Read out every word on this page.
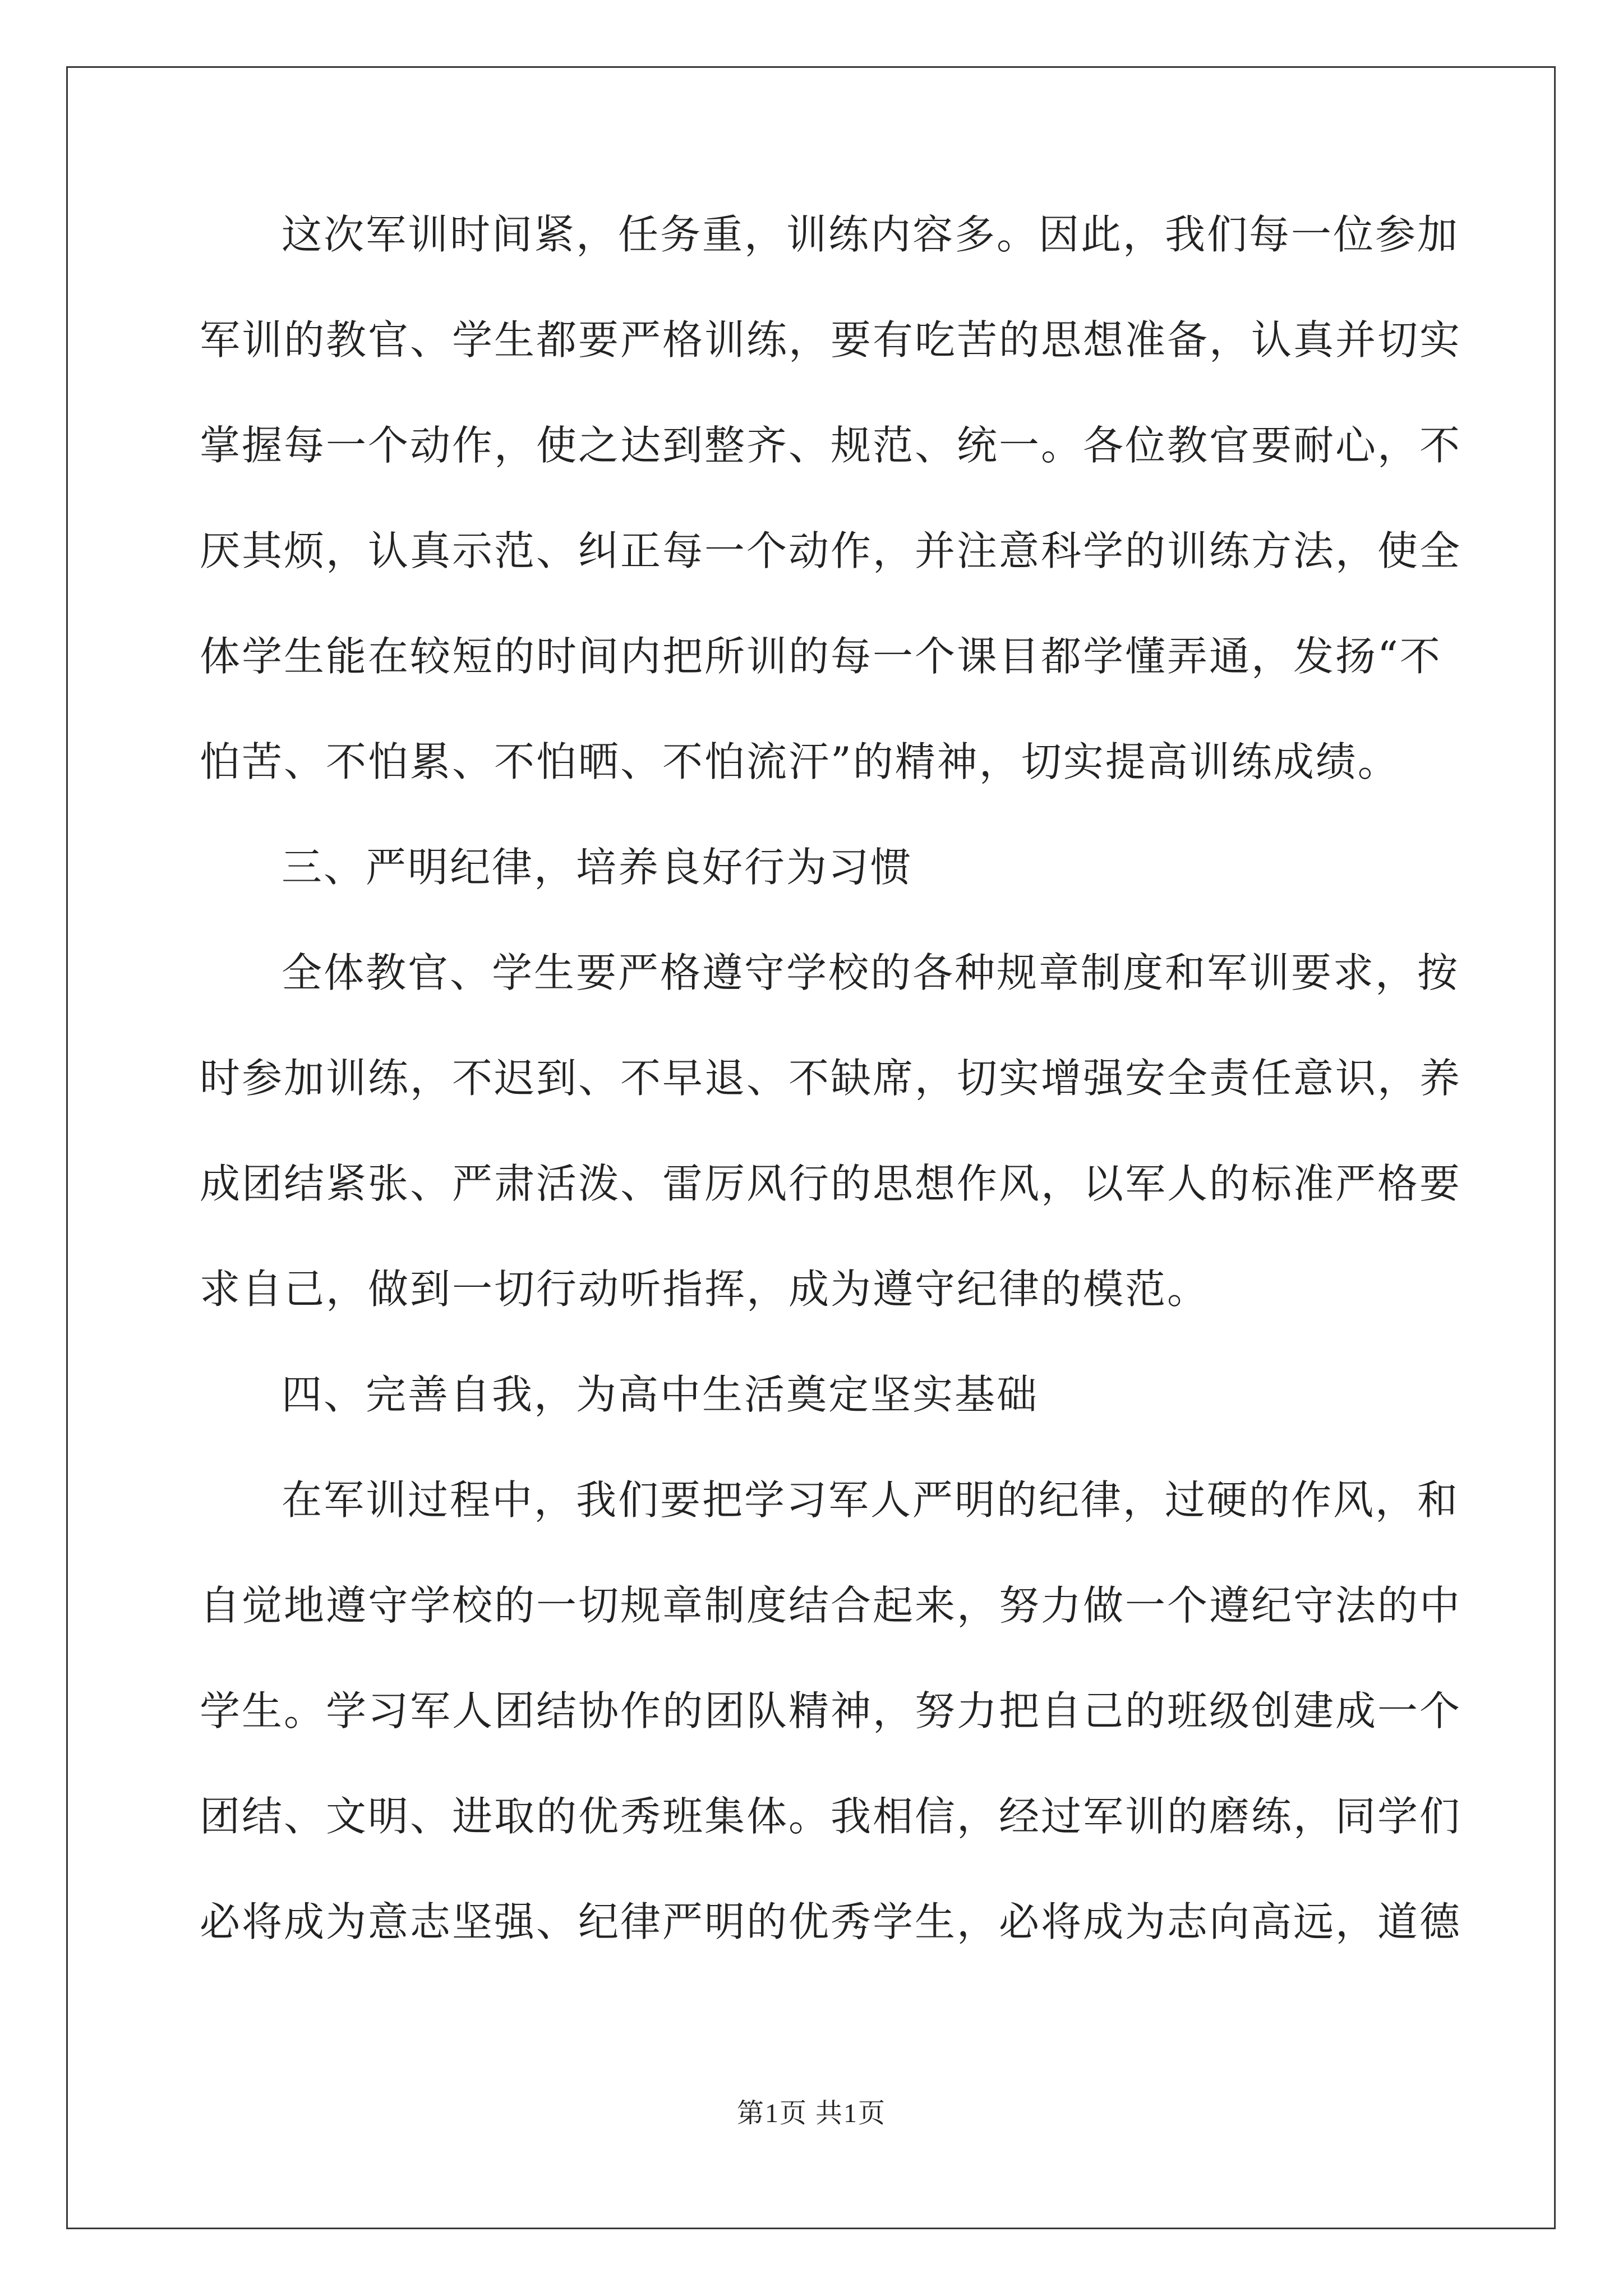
这次军训时间紧，任务重，训练内容多。因此，我们每一位参加
军训的教官、学生都要严格训练，要有吃苦的思想准备，认真并切实
掌握每一个动作，使之达到整齐、规范、统一。各位教官要耐心，不
厌其烦，认真示范、纠正每一个动作，并注意科学的训练方法，使全
体学生能在较短的时间内把所训的每一个课目都学懂弄通，发扬“不
怕苦、不怕累、不怕晒、不怕流汗”的精神，切实提高训练成绩。
三、严明纪律，培养良好行为习惯
全体教官、学生要严格遵守学校的各种规章制度和军训要求，按
时参加训练，不迟到、不早退、不缺席，切实增强安全责任意识，养
成团结紧张、严肃活泼、雷厉风行的思想作风，以军人的标准严格要
求自己，做到一切行动听指挥，成为遵守纪律的模范。
四、完善自我，为高中生活奠定坚实基础
在军训过程中，我们要把学习军人严明的纪律，过硬的作风，和
自觉地遵守学校的一切规章制度结合起来，努力做一个遵纪守法的中
学生。学习军人团结协作的团队精神，努力把自己的班级创建成一个
团结、文明、进取的优秀班集体。我相信，经过军训的磨练，同学们
必将成为意志坚强、纪律严明的优秀学生，必将成为志向高远，道德
第1页 共1页
